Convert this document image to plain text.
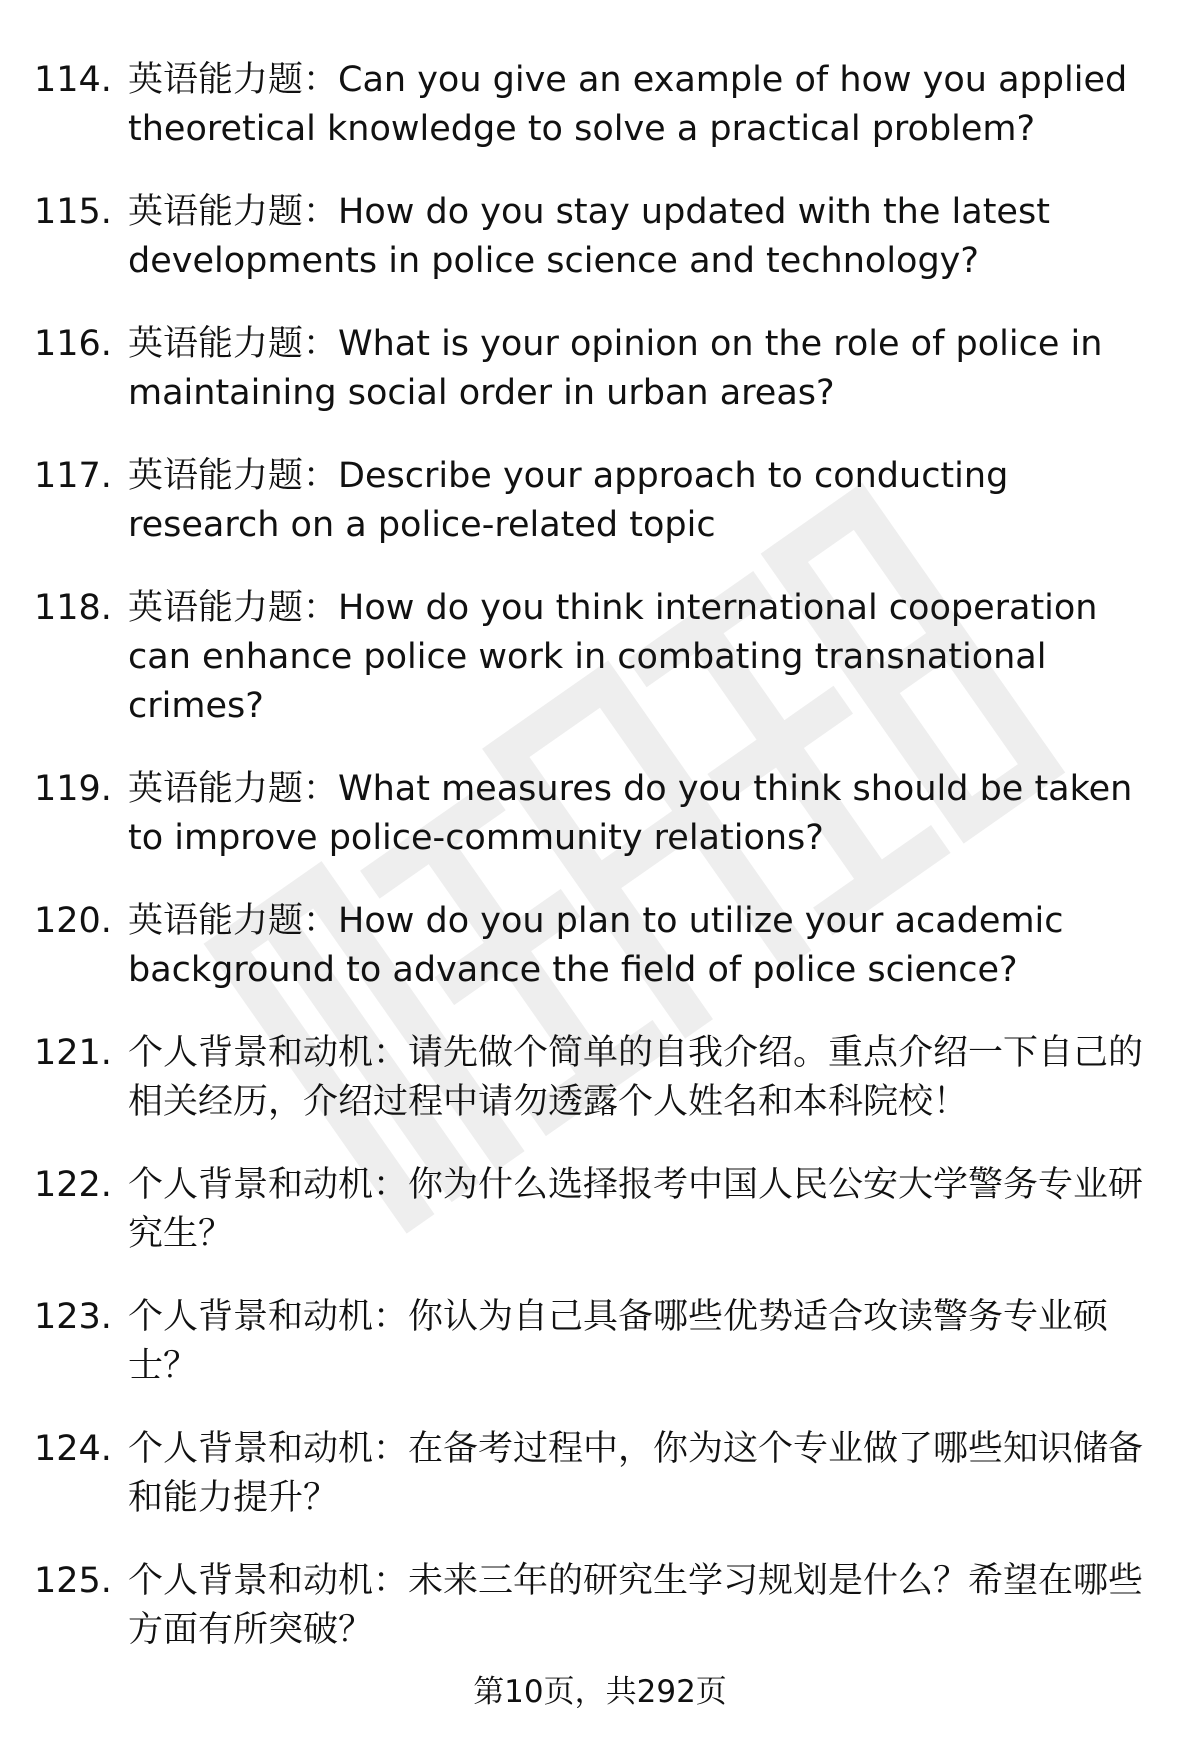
114. 英语能力题：Can you give an example of how you applied theoretical knowledge to solve a practical problem?
115. 英语能力题：How do you stay updated with the latest developments in police science and technology?
116. 英语能力题：What is your opinion on the role of police in maintaining social order in urban areas?
117. 英语能力题：Describe your approach to conducting research on a police-related topic
118. 英语能力题：How do you think international cooperation can enhance police work in combating transnational crimes?
119. 英语能力题：What measures do you think should be taken to improve police-community relations?
120. 英语能力题：How do you plan to utilize your academic background to advance the field of police science?
121. 个人背景和动机：请先做个简单的自我介绍。重点介绍一下自己的相关经历，介绍过程中请勿透露个人姓名和本科院校！
122. 个人背景和动机：你为什么选择报考中国人民公安大学警务专业研究生？
123. 个人背景和动机：你认为自己具备哪些优势适合攻读警务专业硕士？
124. 个人背景和动机：在备考过程中，你为这个专业做了哪些知识储备和能力提升？
125. 个人背景和动机：未来三年的研究生学习规划是什么？希望在哪些方面有所突破？
第10页，共292页
